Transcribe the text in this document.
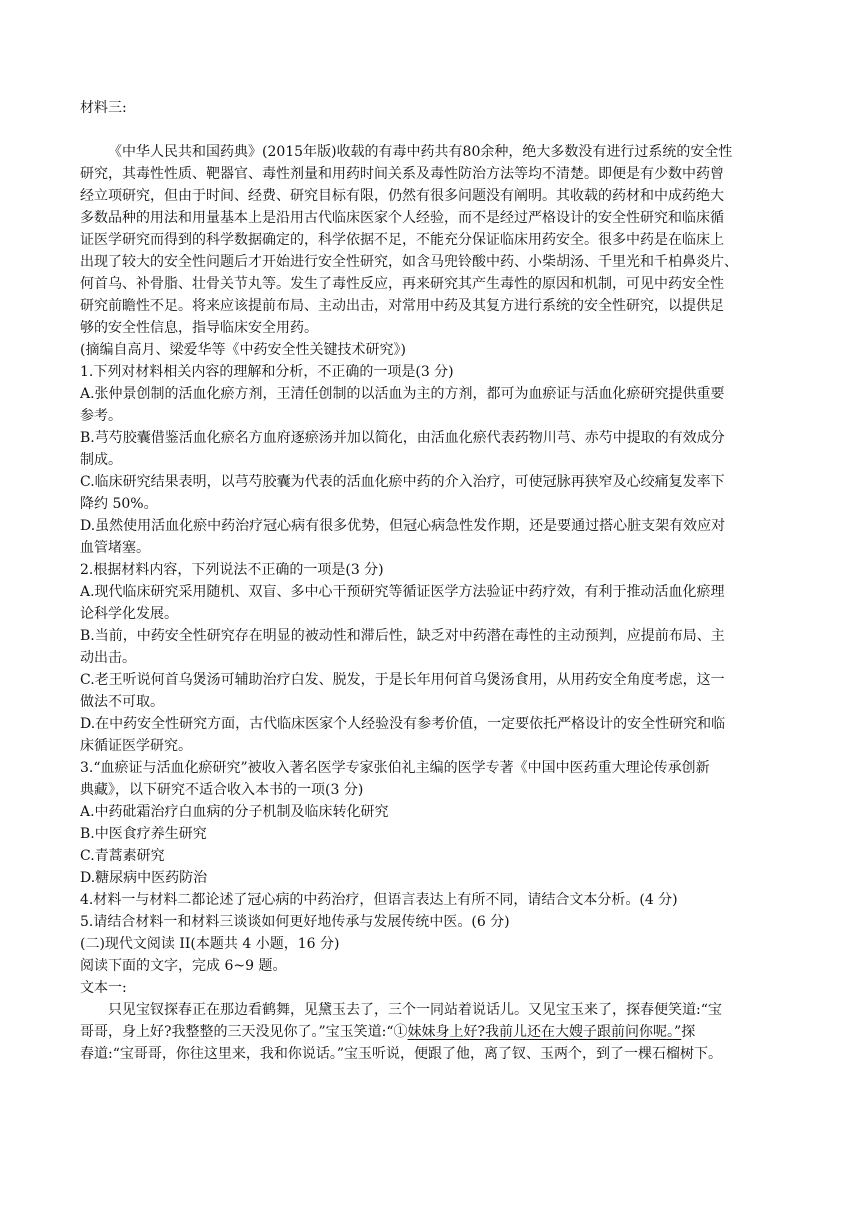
材料三:
《中华人民共和国药典》(2015年版)收载的有毒中药共有80余种，绝大多数没有进行过系统的安全性
研究，其毒性性质、靶器官、毒性剂量和用药时间关系及毒性防治方法等均不清楚。即便是有少数中药曾
经立项研究，但由于时间、经费、研究目标有限，仍然有很多问题没有阐明。其收载的药材和中成药绝大
多数品种的用法和用量基本上是沿用古代临床医家个人经验，而不是经过严格设计的安全性研究和临床循
证医学研究而得到的科学数据确定的，科学依据不足，不能充分保证临床用药安全。很多中药是在临床上
出现了较大的安全性问题后才开始进行安全性研究，如含马兜铃酸中药、小柴胡汤、千里光和千柏鼻炎片、
何首乌、补骨脂、壮骨关节丸等。发生了毒性反应，再来研究其产生毒性的原因和机制，可见中药安全性
研究前瞻性不足。将来应该提前布局、主动出击，对常用中药及其复方进行系统的安全性研究，以提供足
够的安全性信息，指导临床安全用药。
(摘编自高月、梁爱华等《中药安全性关键技术研究》)
1.下列对材料相关内容的理解和分析，不正确的一项是(3 分)
A.张仲景创制的活血化瘀方剂，王清任创制的以活血为主的方剂，都可为血瘀证与活血化瘀研究提供重要
参考。
B.芎芍胶囊借鉴活血化瘀名方血府逐瘀汤并加以简化，由活血化瘀代表药物川芎、赤芍中提取的有效成分
制成。
C.临床研究结果表明，以芎芍胶囊为代表的活血化瘀中药的介入治疗，可使冠脉再狭窄及心绞痛复发率下
降约 50%。
D.虽然使用活血化瘀中药治疗冠心病有很多优势，但冠心病急性发作期，还是要通过搭心脏支架有效应对
血管堵塞。
2.根据材料内容，下列说法不正确的一项是(3 分)
A.现代临床研究采用随机、双盲、多中心干预研究等循证医学方法验证中药疗效，有利于推动活血化瘀理
论科学化发展。
B.当前，中药安全性研究存在明显的被动性和滞后性，缺乏对中药潜在毒性的主动预判，应提前布局、主
动出击。
C.老王听说何首乌煲汤可辅助治疗白发、脱发，于是长年用何首乌煲汤食用，从用药安全角度考虑，这一
做法不可取。
D.在中药安全性研究方面，古代临床医家个人经验没有参考价值，一定要依托严格设计的安全性研究和临
床循证医学研究。
3.“血瘀证与活血化瘀研究”被收入著名医学专家张伯礼主编的医学专著《中国中医药重大理论传承创新
典藏》，以下研究不适合收入本书的一项(3 分)
A.中药砒霜治疗白血病的分子机制及临床转化研究
B.中医食疗养生研究
C.青蒿素研究
D.糖尿病中医药防治
4.材料一与材料二都论述了冠心病的中药治疗，但语言表达上有所不同，请结合文本分析。(4 分)
5.请结合材料一和材料三谈谈如何更好地传承与发展传统中医。(6 分)
(二)现代文阅读 II(本题共 4 小题，16 分)
阅读下面的文字，完成 6~9 题。
文本一:
只见宝钗探春正在那边看鹤舞，见黛玉去了，三个一同站着说话儿。又见宝玉来了，探春便笑道:“宝
哥哥，身上好?我整整的三天没见你了。”宝玉笑道:“①妹妹身上好?我前儿还在大嫂子跟前问你呢。”探
春道:“宝哥哥，你往这里来，我和你说话。”宝玉听说，便跟了他，离了钗、玉两个，到了一棵石榴树下。
